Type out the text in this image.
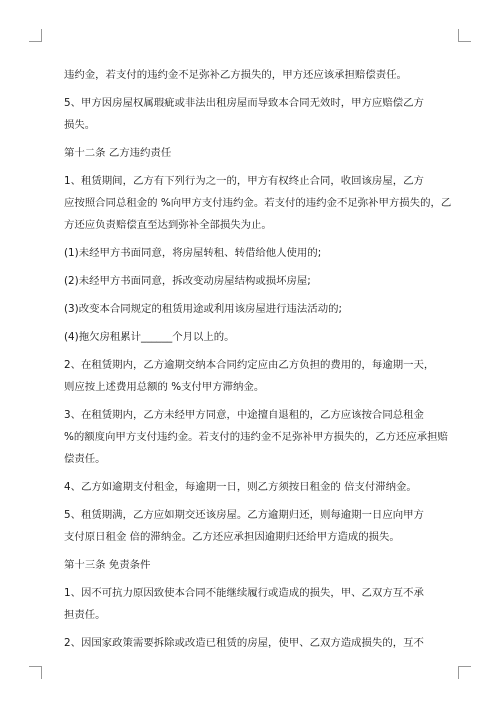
违约金，若支付的违约金不足弥补乙方损失的，甲方还应该承担赔偿责任。

5、甲方因房屋权属瑕疵或非法出租房屋而导致本合同无效时，甲方应赔偿乙方

损失。

第十二条 乙方违约责任

1、租赁期间，乙方有下列行为之一的，甲方有权终止合同，收回该房屋，乙方

应按照合同总租金的 %向甲方支付违约金。若支付的违约金不足弥补甲方损失的，乙

方还应负责赔偿直至达到弥补全部损失为止。

(1)未经甲方书面同意，将房屋转租、转借给他人使用的;

(2)未经甲方书面同意，拆改变动房屋结构或损坏房屋;

(3)改变本合同规定的租赁用途或利用该房屋进行违法活动的;

(4)拖欠房租累计______个月以上的。

2、在租赁期内，乙方逾期交纳本合同约定应由乙方负担的费用的，每逾期一天，

则应按上述费用总额的 %支付甲方滞纳金。

3、在租赁期内，乙方未经甲方同意，中途擅自退租的，乙方应该按合同总租金

%的额度向甲方支付违约金。若支付的违约金不足弥补甲方损失的，乙方还应承担赔

偿责任。

4、乙方如逾期支付租金，每逾期一日，则乙方须按日租金的 倍支付滞纳金。

5、租赁期满，乙方应如期交还该房屋。乙方逾期归还，则每逾期一日应向甲方

支付原日租金 倍的滞纳金。乙方还应承担因逾期归还给甲方造成的损失。

第十三条 免责条件

1、因不可抗力原因致使本合同不能继续履行或造成的损失，甲、乙双方互不承

担责任。

2、因国家政策需要拆除或改造已租赁的房屋，使甲、乙双方造成损失的，互不
